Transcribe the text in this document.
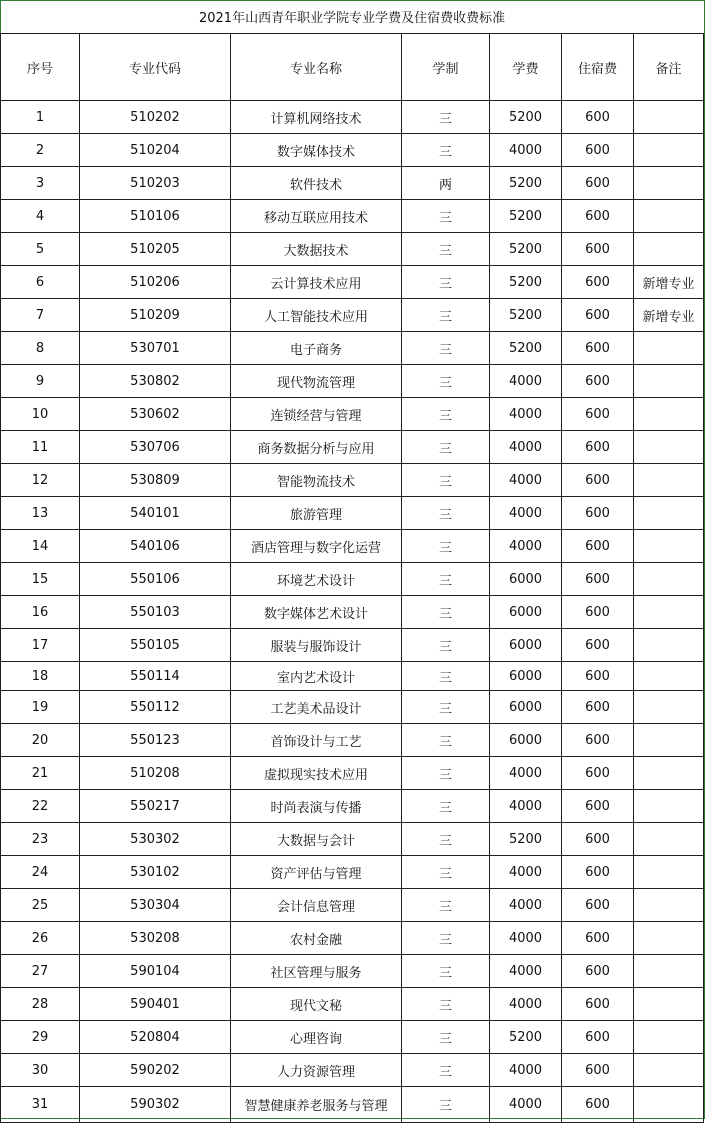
2021年山西青年职业学院专业学费及住宿费收费标准						
序号	专业代码	专业名称	学制	学费	住宿费	备注
1	510202	计算机网络技术	三	5200	600	
2	510204	数字媒体技术	三	4000	600	
3	510203	软件技术	两	5200	600	
4	510106	移动互联应用技术	三	5200	600	
5	510205	大数据技术	三	5200	600	
6	510206	云计算技术应用	三	5200	600	新增专业
7	510209	人工智能技术应用	三	5200	600	新增专业
8	530701	电子商务	三	5200	600	
9	530802	现代物流管理	三	4000	600	
10	530602	连锁经营与管理	三	4000	600	
11	530706	商务数据分析与应用	三	4000	600	
12	530809	智能物流技术	三	4000	600	
13	540101	旅游管理	三	4000	600	
14	540106	酒店管理与数字化运营	三	4000	600	
15	550106	环境艺术设计	三	6000	600	
16	550103	数字媒体艺术设计	三	6000	600	
17	550105	服装与服饰设计	三	6000	600	
18	550114	室内艺术设计	三	6000	600	
19	550112	工艺美术品设计	三	6000	600	
20	550123	首饰设计与工艺	三	6000	600	
21	510208	虚拟现实技术应用	三	4000	600	
22	550217	时尚表演与传播	三	4000	600	
23	530302	大数据与会计	三	5200	600	
24	530102	资产评估与管理	三	4000	600	
25	530304	会计信息管理	三	4000	600	
26	530208	农村金融	三	4000	600	
27	590104	社区管理与服务	三	4000	600	
28	590401	现代文秘	三	4000	600	
29	520804	心理咨询	三	5200	600	
30	590202	人力资源管理	三	4000	600	
31	590302	智慧健康养老服务与管理	三	4000	600	
